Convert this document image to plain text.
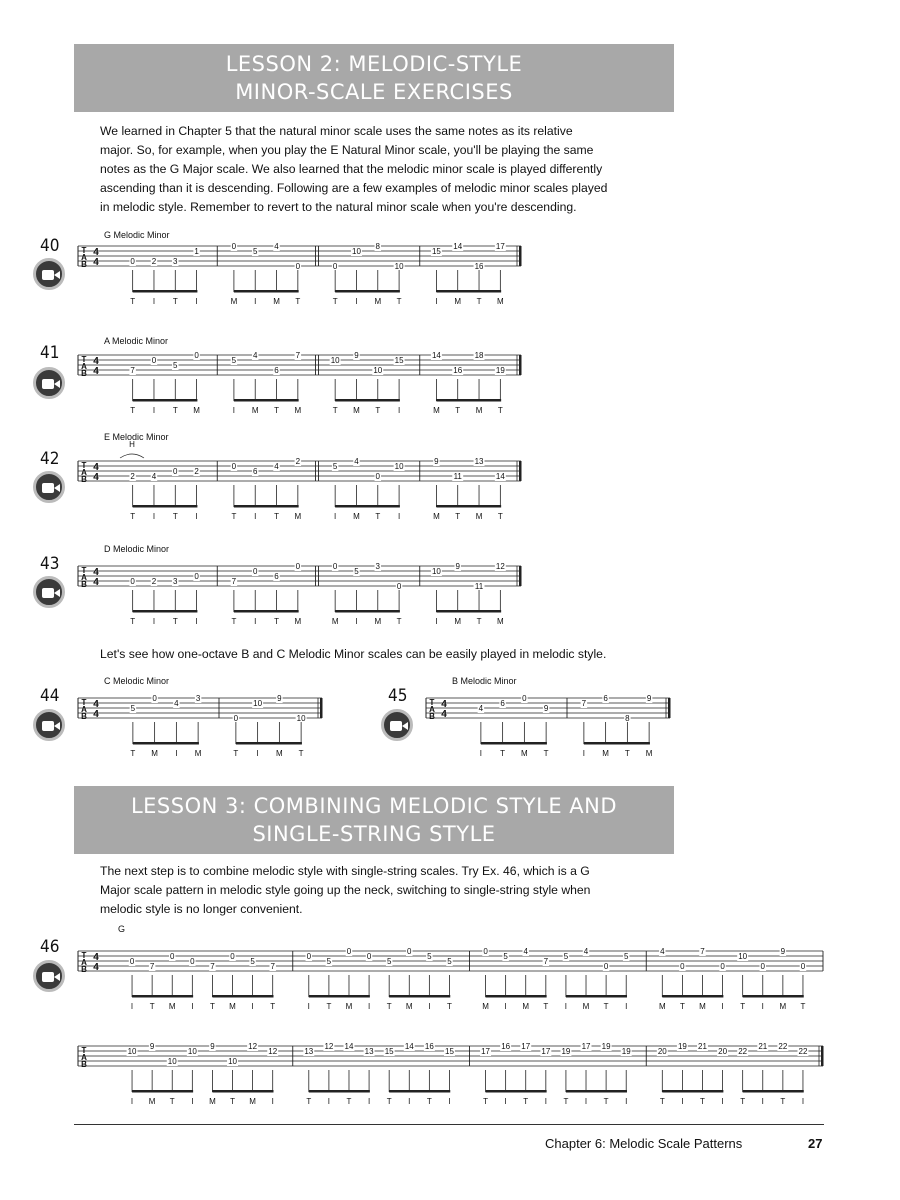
LESSON 2: MELODIC-STYLE
MINOR-SCALE EXERCISES
We learned in Chapter 5 that the natural minor scale uses the same notes as its relative
major. So, for example, when you play the E Natural Minor scale, you'll be playing the same
notes as the G Major scale. We also learned that the melodic minor scale is played differently
ascending than it is descending. Following are a few examples of melodic minor scales played
in melodic style. Remember to revert to the natural minor scale when you're descending.
40	T
A
B
4
4
G Melodic Minor
0
T
2
I
3
T
1
I
0
M
5
I
4
M
0
T
0
T
10
I
8
M
10
T
15
I
14
M
16
T
17
M
T
A
B
4
4
A Melodic Minor
7
T
0
I
5
T
0
M
5
I
4
M
6
T
7
M
10
T
9
M
10
T
15
I
14
M
16
T
18
M
19
T
T
A
B
4
4
E Melodic Minor
H
2
T
4
I
0
T
2
I
0
T
6
I
4
T
2
M
5
I
4
M
0
T
10
I
9
M
11
T
13
M
14
T
T
A
B
4
4
D Melodic Minor
0
T
2
I
3
T
0
I
7
T
0
I
6
T
0
M
0
M
5
I
3
M
0
T
10
I
9
M
11
T
12
M
T
A
B
4
4
C Melodic Minor
5
T
0
M
4
I
3
M
0
T
10
I
9
M
10
T
T
A
B
4
4
B Melodic Minor
4
I
6
T
0
M
9
T
7
I
6
M
8
T
9
M
T
A
B
4
4
G
0
I
7
T
0
M
0
I
7
T
0
M
5
I
7
T
0
I
5
T
0
M
0
I
5
T
0
M
5
I
5
T
0
M
5
I
4
M
7
T
5
I
4
M
0
T
5
I
4
M
0
T
7
M
0
I
10
T
0
I
9
M
0
T
T
A
B
10
I
9
M
10
T
10
I
9
M
10
T
12
M
12
I
13
T
12
I
14
T
13
I
15
T
14
I
16
T
15
I
17
T
16
I
17
T
17
I
19
T
17
I
19
T
19
I
20
T
19
I
21
T
20
I
22
T
21
I
22
T
22
I
41
42
43
Let's see how one-octave B and C Melodic Minor scales can be easily played in melodic style.
44	45
LESSON 3: COMBINING MELODIC STYLE AND
SINGLE-STRING STYLE
The next step is to combine melodic style with single-string scales. Try Ex. 46, which is a G
Major scale pattern in melodic style going up the neck, switching to single-string style when
melodic style is no longer convenient.
46
Chapter 6: Melodic Scale Patterns	27
